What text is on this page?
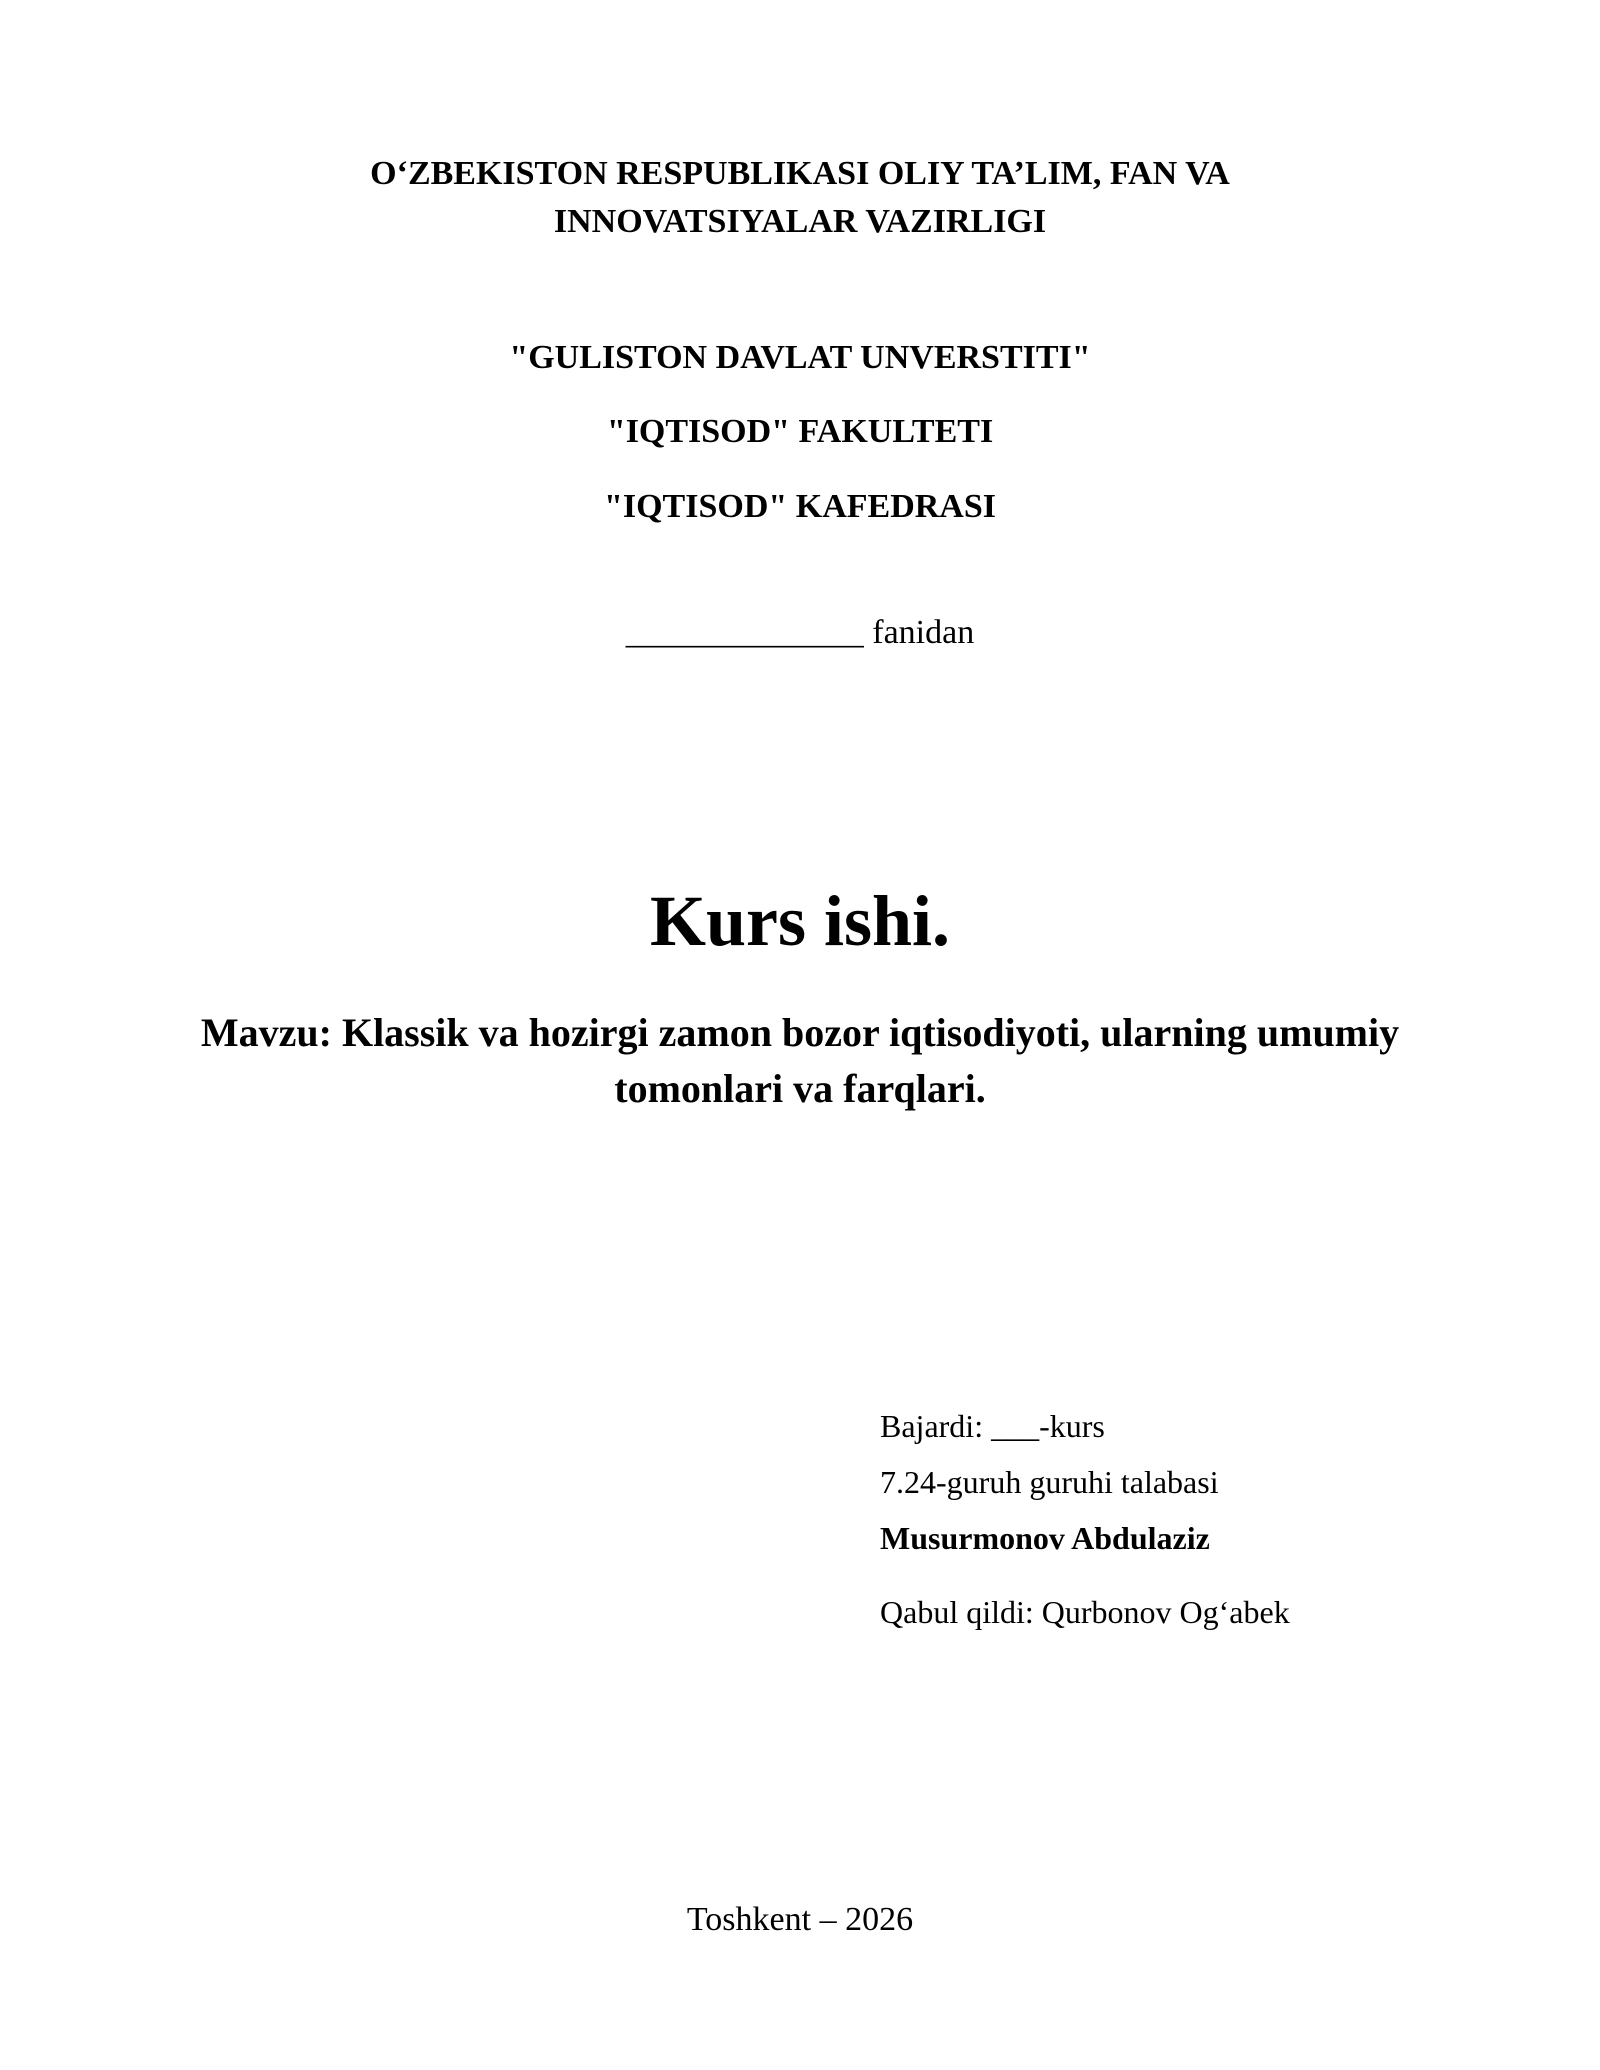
O‘ZBEKISTON RESPUBLIKASI OLIY TA’LIM, FAN VA
INNOVATSIYALAR VAZIRLIGI
"GULISTON DAVLAT UNVERSTITI"
"IQTISOD" FAKULTETI
"IQTISOD" KAFEDRASI
______________ fanidan
Kurs ishi.
Mavzu: Klassik va hozirgi zamon bozor iqtisodiyoti, ularning umumiy
tomonlari va farqlari.
Bajardi: ___-kurs
7.24-guruh guruhi talabasi
Musurmonov Abdulaziz
Qabul qildi: Qurbonov Og‘abek
Toshkent – 2026
